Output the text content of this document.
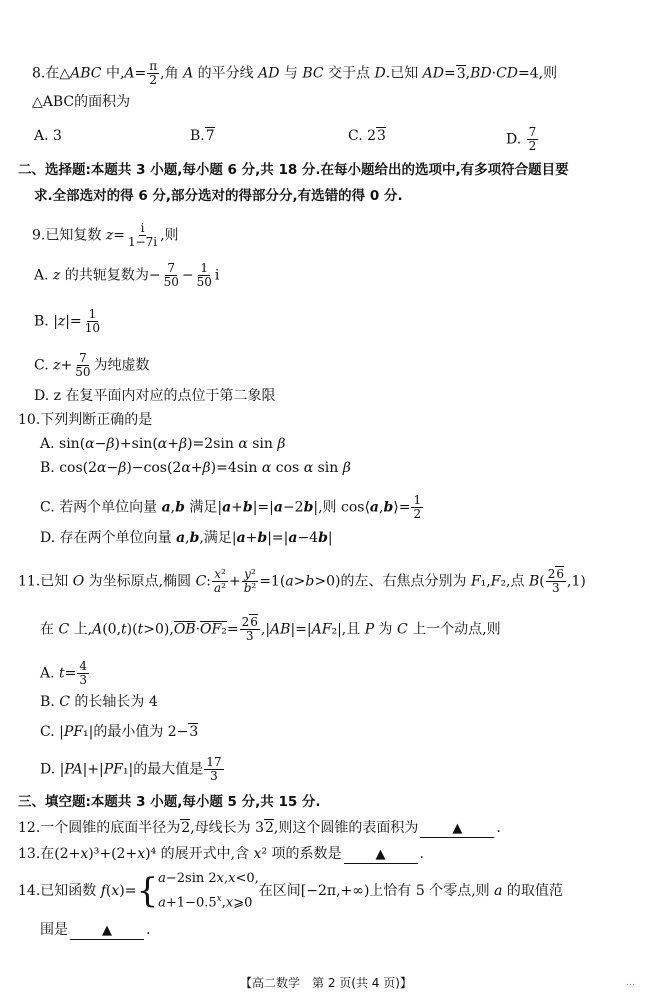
8.在△ABC 中$,A= \frac{\pi}{2}$ ,角 A 的平分线 AD 与 BC 交于点 D.已知 AD=3,BD·CD=4,则
△ABC的面积为
A. 3	B.7	C. 23	D. $\frac{7}{2}$
二、选择题:本题共 3 小题,每小题 6 分,共 18 分.在每小题给出的选项中,有多项符合题目要
求.全部选对的得 6 分,部分选对的得部分分,有选错的得 0 分.
9.已知复数 $z= \frac{i}{1-7i}$ ,则
A. z 的共轭复数为− $\frac{7}{50} - \frac{1}{50}$ i
B. $|z|= \frac{1}{10}$
C. $z+ \frac{7}{50}$ 为纯虚数
D. z 在复平面内对应的点位于第二象限
10.下列判断正确的是
A. sin(α−β)+sin(α+β)=2sin α sin β
B. cos(2α−β)−cos(2α+β)=4sin α cos α sin β
C. 若两个单位向量 a,b 满足|a+b|=|a−2b|,则 cos⟨a,b⟩= $\frac{1}{2}$
D. 存在两个单位向量 a,b,满足|a+b|=|a−4b|
11.已知 O 为坐标原点,椭圆 C: $\frac{\text{x²}}{\text{a²}} + \frac{\text{y²}}{\text{b²}} =1(a>b>0)$的左、右焦点分别为 F₁,F₂,点 $B( \frac{26}{3} ,1)$
在 C 上$,A(0,t)(t>0),\overline{OB}\cdot OF_2= \frac{26}{3} ,|AB|=|AF_2|$,且 P 为 C 上一个动点,则
A. $t= \frac{4}{3}$
B. C 的长轴长为 4
C. |PF₁|的最小值为 2−3
D. |PA|+|PF₁|的最大值是 $\frac{17}{3}$
三、填空题:本题共 3 小题,每小题 5 分,共 15 分.
12.一个圆锥的底面半径为2,母线长为 32,则这个圆锥的表面积为	▲ .
13.在(2+x)³+(2+x)⁴ 的展开式中,含 x² 项的系数是	▲ .
14.已知函数 f(x)={ a−2sin 2x,x<0,
$a+1-0.5^x,x⩾0$
在区间[−2π,+∞)上恰有 5 个零点,则 a 的取值范
围是	▲ .
【高二数学　第 2 页(共 4 页)】	…
